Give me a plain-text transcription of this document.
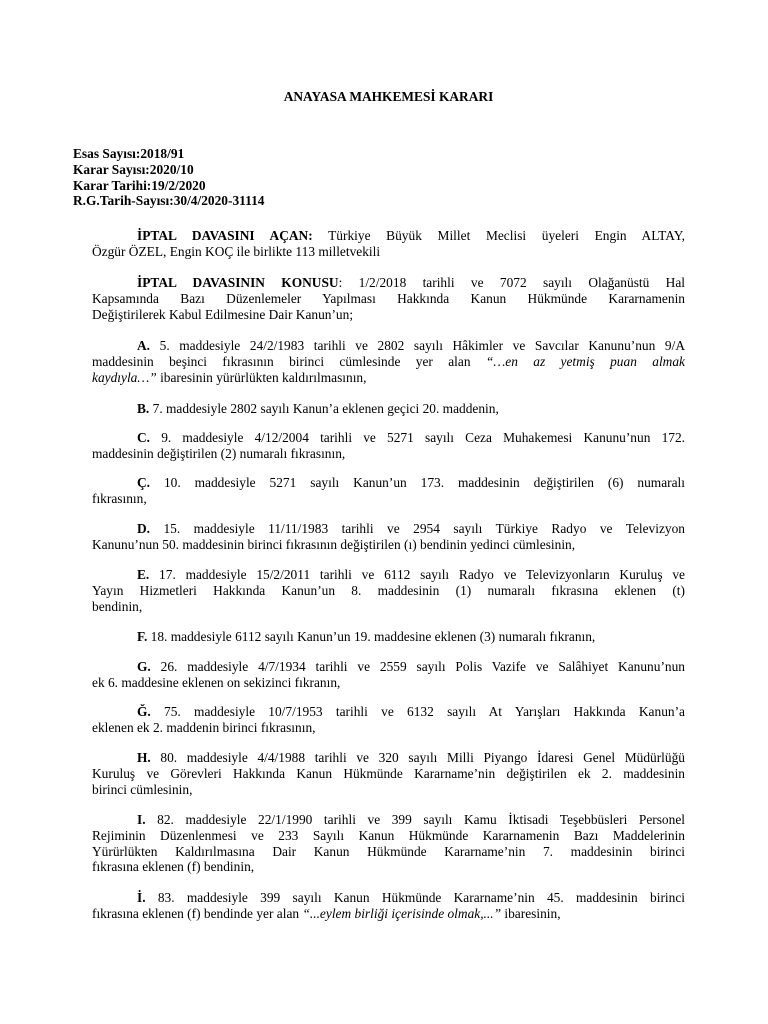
ANAYASA MAHKEMESİ KARARI
Esas Sayısı:2018/91
Karar Sayısı:2020/10
Karar Tarihi:19/2/2020
R.G.Tarih-Sayısı:30/4/2020-31114
İPTAL DAVASINI AÇAN: Türkiye Büyük Millet Meclisi üyeleri Engin ALTAY,
Özgür ÖZEL, Engin KOÇ ile birlikte 113 milletvekili
İPTAL DAVASININ KONUSU: 1/2/2018 tarihli ve 7072 sayılı Olağanüstü Hal
Kapsamında Bazı Düzenlemeler Yapılması Hakkında Kanun Hükmünde Kararnamenin
Değiştirilerek Kabul Edilmesine Dair Kanun’un;
A. 5. maddesiyle 24/2/1983 tarihli ve 2802 sayılı Hâkimler ve Savcılar Kanunu’nun 9/A
maddesinin beşinci fıkrasının birinci cümlesinde yer alan “…en az yetmiş puan almak
kaydıyla…” ibaresinin yürürlükten kaldırılmasının,
B. 7. maddesiyle 2802 sayılı Kanun’a eklenen geçici 20. maddenin,
C. 9. maddesiyle 4/12/2004 tarihli ve 5271 sayılı Ceza Muhakemesi Kanunu’nun 172.
maddesinin değiştirilen (2) numaralı fıkrasının,
Ç. 10. maddesiyle 5271 sayılı Kanun’un 173. maddesinin değiştirilen (6) numaralı
fıkrasının,
D. 15. maddesiyle 11/11/1983 tarihli ve 2954 sayılı Türkiye Radyo ve Televizyon
Kanunu’nun 50. maddesinin birinci fıkrasının değiştirilen (ı) bendinin yedinci cümlesinin,
E. 17. maddesiyle 15/2/2011 tarihli ve 6112 sayılı Radyo ve Televizyonların Kuruluş ve
Yayın Hizmetleri Hakkında Kanun’un 8. maddesinin (1) numaralı fıkrasına eklenen (t)
bendinin,
F. 18. maddesiyle 6112 sayılı Kanun’un 19. maddesine eklenen (3) numaralı fıkranın,
G. 26. maddesiyle 4/7/1934 tarihli ve 2559 sayılı Polis Vazife ve Salâhiyet Kanunu’nun
ek 6. maddesine eklenen on sekizinci fıkranın,
Ğ. 75. maddesiyle 10/7/1953 tarihli ve 6132 sayılı At Yarışları Hakkında Kanun’a
eklenen ek 2. maddenin birinci fıkrasının,
H. 80. maddesiyle 4/4/1988 tarihli ve 320 sayılı Milli Piyango İdaresi Genel Müdürlüğü
Kuruluş ve Görevleri Hakkında Kanun Hükmünde Kararname’nin değiştirilen ek 2. maddesinin
birinci cümlesinin,
I. 82. maddesiyle 22/1/1990 tarihli ve 399 sayılı Kamu İktisadi Teşebbüsleri Personel
Rejiminin Düzenlenmesi ve 233 Sayılı Kanun Hükmünde Kararnamenin Bazı Maddelerinin
Yürürlükten Kaldırılmasına Dair Kanun Hükmünde Kararname’nin 7. maddesinin birinci
fıkrasına eklenen (f) bendinin,
İ. 83. maddesiyle 399 sayılı Kanun Hükmünde Kararname’nin 45. maddesinin birinci
fıkrasına eklenen (f) bendinde yer alan “...eylem birliği içerisinde olmak,...” ibaresinin,
